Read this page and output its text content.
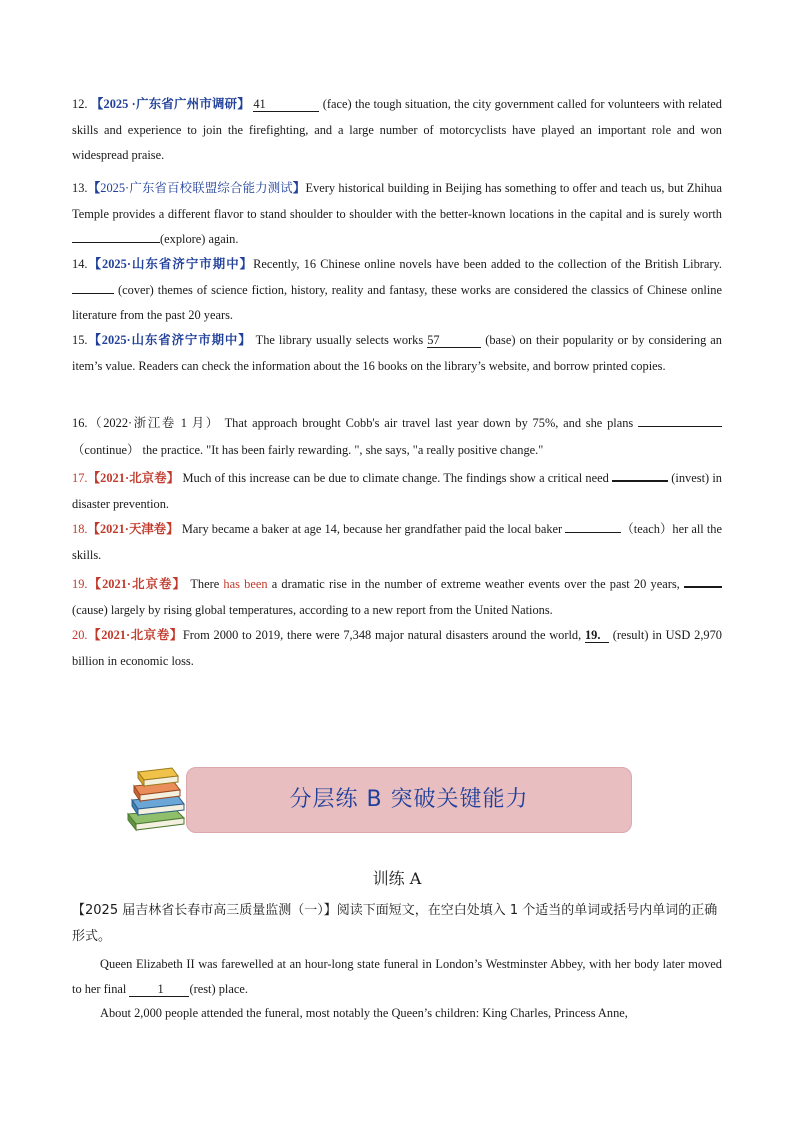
12. 【2025 ·广东省广州市调研】 41	(face) the tough situation, the city government called for volunteers with related skills and experience to join the firefighting, and a large number of motorcyclists have played an important role and won widespread praise.
13.【2025·广东省百校联盟综合能力测试】Every historical building in Beijing has something to offer and teach us, but Zhihua Temple provides a different flavor to stand shoulder to shoulder with the better-known locations in the capital and is surely worth (explore) again.
14.【2025·山东省济宁市期中】Recently, 16 Chinese online novels have been added to the collection of the British Library.  (cover) themes of science fiction, history, reality and fantasy, these works are considered the classics of Chinese online literature from the past 20 years.
15.【2025·山东省济宁市期中】 The library usually selects works 57	(base) on their popularity or by considering an item’s value. Readers can check the information about the 16 books on the library’s website, and borrow printed copies.
16.（2022·浙江卷 1 月） That approach brought Cobb's air travel last year down by 75%, and she plans （continue） the practice. "It has been fairly rewarding. ", she says, "a really positive change."
17.【2021·北京卷】 Much of this increase can be due to climate change. The findings show a critical need	(invest) in disaster prevention.
18.【2021·天津卷】 Mary became a baker at age 14, because her grandfather paid the local baker	（teach）her all the skills.
19.【2021·北京卷】 There has been a dramatic rise in the number of extreme weather events over the past 20 years, (cause) largely by rising global temperatures, according to a new report from the United Nations.
20.【2021·北京卷】From 2000 to 2019, there were 7,348 major natural disasters around the world, 19. (result) in USD 2,970 billion in economic loss.
分层练 B 突破关键能力
训练 A
【2025 届吉林省长春市高三质量监测（一）】阅读下面短文，在空白处填入 1 个适当的单词或括号内单词的正确形式。
Queen Elizabeth II was farewelled at an hour-long state funeral in London’s Westminster Abbey, with her body later moved to her final 1 (rest) place.
About 2,000 people attended the funeral, most notably the Queen’s children: King Charles, Princess Anne,
